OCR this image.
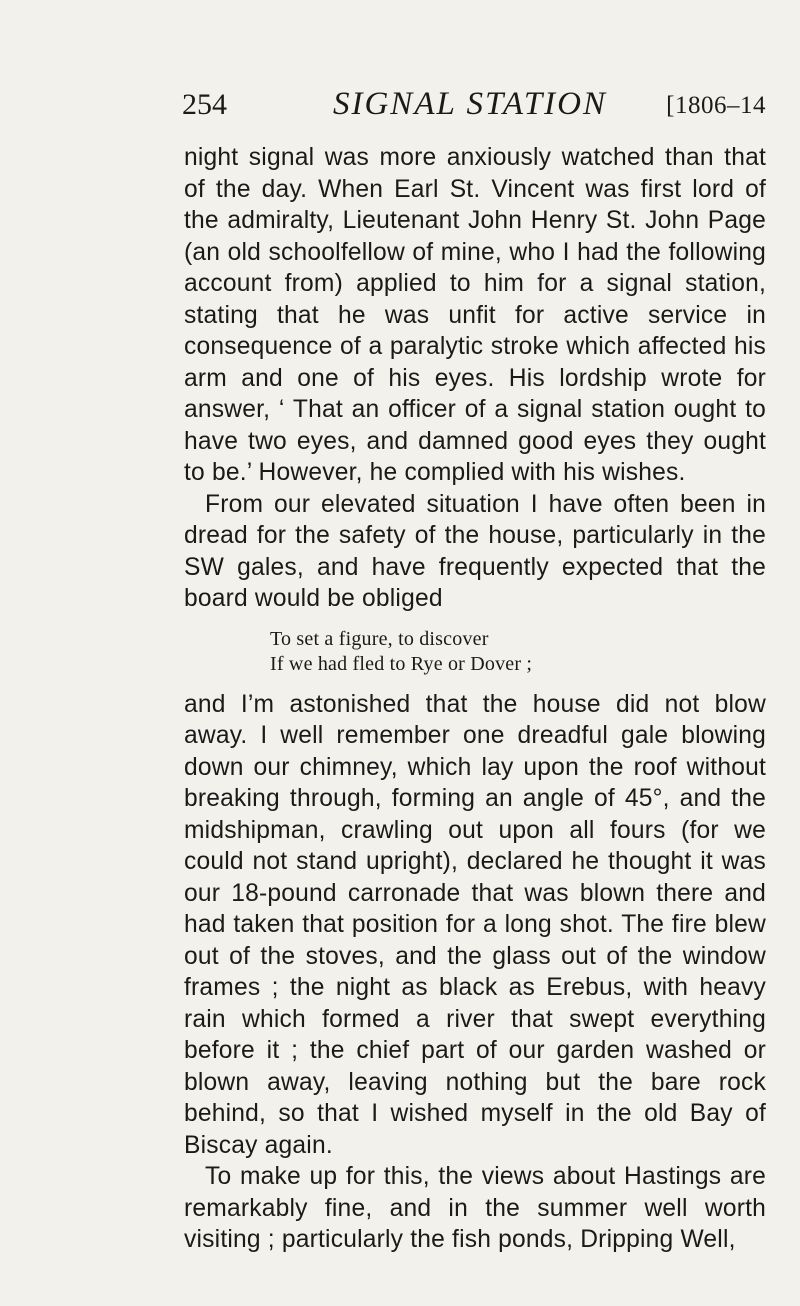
254	SIGNAL STATION	[1806–14

night signal was more anxiously watched than that of the day. When Earl St. Vincent was first lord of the admiralty, Lieutenant John Henry St. John Page (an old schoolfellow of mine, who I had the following account from) applied to him for a signal station, stating that he was unfit for active service in consequence of a paralytic stroke which affected his arm and one of his eyes. His lordship wrote for answer, ‘ That an officer of a signal station ought to have two eyes, and damned good eyes they ought to be.’ However, he complied with his wishes.

From our elevated situation I have often been in dread for the safety of the house, particularly in the SW gales, and have frequently expected that the board would be obliged

To set a figure, to discover
If we had fled to Rye or Dover ;

and I’m astonished that the house did not blow away. I well remember one dreadful gale blowing down our chimney, which lay upon the roof without breaking through, forming an angle of 45°, and the midshipman, crawling out upon all fours (for we could not stand upright), declared he thought it was our 18-pound carronade that was blown there and had taken that position for a long shot. The fire blew out of the stoves, and the glass out of the window frames ; the night as black as Erebus, with heavy rain which formed a river that swept everything before it ; the chief part of our garden washed or blown away, leaving nothing but the bare rock behind, so that I wished myself in the old Bay of Biscay again.

To make up for this, the views about Hastings are remarkably fine, and in the summer well worth visiting ; particularly the fish ponds, Dripping Well,
